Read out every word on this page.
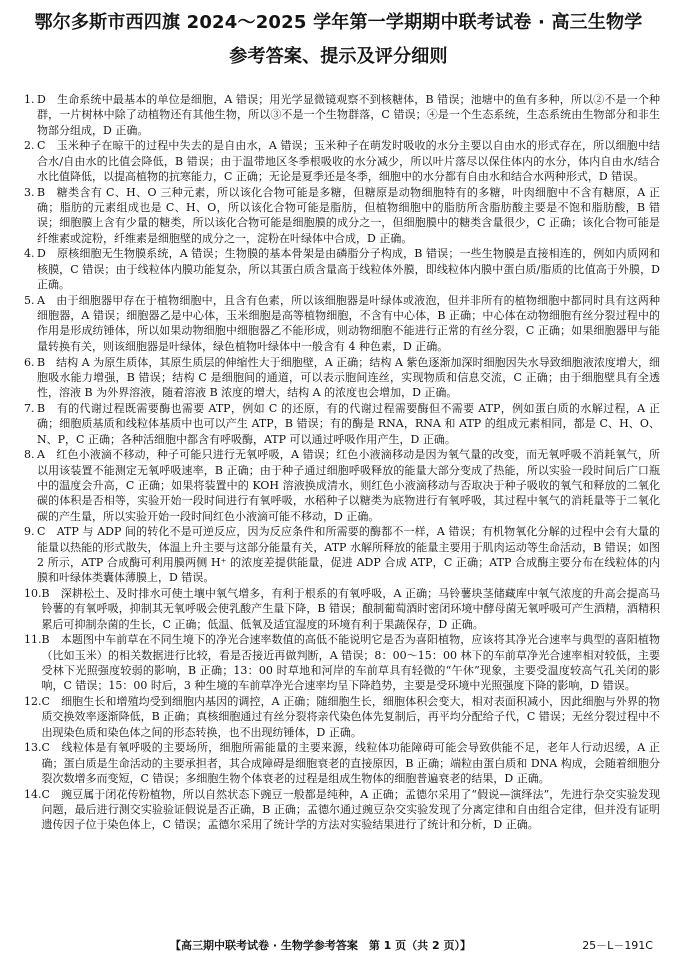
鄂尔多斯市西四旗 2024～2025 学年第一学期期中联考试卷 · 高三生物学
参考答案、提示及评分细则
1. D　生命系统中最基本的单位是细胞，A 错误；用光学显微镜观察不到核糖体，B 错误；池塘中的鱼有多种，所以②不是一个种群，一片树林中除了动植物还有其他生物，所以③不是一个生物群落，C 错误；④是一个生态系统，生态系统由生物部分和非生物部分组成，D 正确。
2. C　玉米种子在晾干的过程中失去的是自由水，A 错误；玉米种子在萌发时吸收的水分主要以自由水的形式存在，所以细胞中结合水/自由水的比值会降低，B 错误；由于温带地区冬季根吸收的水分减少，所以叶片落尽以保住体内的水分，体内自由水/结合水比值降低，以提高植物的抗寒能力，C 正确；无论是夏季还是冬季，细胞中的水分都有自由水和结合水两种形式，D 错误。
3. B　糖类含有 C、H、O 三种元素，所以该化合物可能是多糖，但糖原是动物细胞特有的多糖，叶肉细胞中不含有糖原，A 正确；脂肪的元素组成也是 C、H、O，所以该化合物可能是脂肪，但植物细胞中的脂肪所含脂肪酸主要是不饱和脂肪酸，B 错误；细胞膜上含有少量的糖类，所以该化合物可能是细胞膜的成分之一，但细胞膜中的糖类含量很少，C 正确；该化合物可能是纤维素或淀粉，纤维素是细胞壁的成分之一，淀粉在叶绿体中合成，D 正确。
4. D　原核细胞无生物膜系统，A 错误；生物膜的基本骨架是由磷脂分子构成，B 错误；一些生物膜是直接相连的，例如内质网和核膜，C 错误；由于线粒体内膜功能复杂，所以其蛋白质含量高于线粒体外膜，即线粒体内膜中蛋白质/脂质的比值高于外膜，D 正确。
5. A　由于细胞器甲存在于植物细胞中，且含有色素，所以该细胞器是叶绿体或液泡，但并非所有的植物细胞中都同时具有这两种细胞器，A 错误；细胞器乙是中心体，玉米细胞是高等植物细胞，不含有中心体，B 正确；中心体在动物细胞有丝分裂过程中的作用是形成纺锤体，所以如果动物细胞中细胞器乙不能形成，则动物细胞不能进行正常的有丝分裂，C 正确；如果细胞器甲与能量转换有关，则该细胞器是叶绿体，绿色植物叶绿体中一般含有 4 种色素，D 正确。
6. B　结构 A 为原生质体，其原生质层的伸缩性大于细胞壁，A 正确；结构 A 紫色逐渐加深时细胞因失水导致细胞液浓度增大，细胞吸水能力增强，B 错误；结构 C 是细胞间的通道，可以表示胞间连丝，实现物质和信息交流，C 正确；由于细胞壁具有全透性，溶液 B 为外界溶液，随着溶液 B 浓度的增大，结构 A 的浓度也会增加，D 正确。
7. B　有的代谢过程既需要酶也需要 ATP，例如 C 的还原，有的代谢过程需要酶但不需要 ATP，例如蛋白质的水解过程，A 正确；细胞质基质和线粒体基质中也可以产生 ATP，B 错误；有的酶是 RNA，RNA 和 ATP 的组成元素相同，都是 C、H、O、N、P，C 正确；各种活细胞中都含有呼吸酶，ATP 可以通过呼吸作用产生，D 正确。
8. A　红色小液滴不移动，种子可能只进行无氧呼吸，A 错误；红色小液滴移动是因为氧气量的改变，而无氧呼吸不消耗氧气，所以用该装置不能测定无氧呼吸速率，B 正确；由于种子通过细胞呼吸释放的能量大部分变成了热能，所以实验一段时间后广口瓶中的温度会升高，C 正确；如果将装置中的 KOH 溶液换成清水，则红色小液滴移动与否取决于种子吸收的氧气和释放的二氧化碳的体积是否相等，实验开始一段时间进行有氧呼吸，水稻种子以糖类为底物进行有氧呼吸，其过程中氧气的消耗量等于二氧化碳的产生量，所以实验开始一段时间红色小液滴可能不移动，D 正确。
9. C　ATP 与 ADP 间的转化不是可逆反应，因为反应条件和所需要的酶都不一样，A 错误；有机物氧化分解的过程中会有大量的能量以热能的形式散失，体温上升主要与这部分能量有关，ATP 水解所释放的能量主要用于肌肉运动等生命活动，B 错误；如图 2 所示，ATP 合成酶可利用膜两侧 H⁺ 的浓度差提供能量，促进 ADP 合成 ATP，C 正确；ATP 合成酶主要分布在线粒体的内膜和叶绿体类囊体薄膜上，D 错误。
10. B　深耕松土、及时排水可使土壤中氧气增多，有利于根系的有氧呼吸，A 正确；马铃薯块茎储藏库中氧气浓度的升高会提高马铃薯的有氧呼吸，抑制其无氧呼吸会使乳酸产生量下降，B 错误；酿制葡萄酒时密闭环境中酵母菌无氧呼吸可产生酒精，酒精积累后可抑制杂菌的生长，C 正确；低温、低氧及适宜湿度的环境有利于果蔬保存，D 正确。
11. B　本题图中车前草在不同生境下的净光合速率数值的高低不能说明它是否为喜阳植物，应该将其净光合速率与典型的喜阳植物（比如玉米）的相关数据进行比较，看是否接近再做判断，A 错误；8：00～15：00 林下的车前草净光合速率相对较低，主要受林下光照强度较弱的影响，B 正确；13：00 时草地和河岸的车前草具有轻微的“午休”现象，主要受温度较高气孔关闭的影响，C 错误；15：00 时后，3 种生境的车前草净光合速率均呈下降趋势，主要是受环境中光照强度下降的影响，D 错误。
12. C　细胞生长和增殖均受到细胞内基因的调控，A 正确；随细胞生长，细胞体积会变大，相对表面积减小，因此细胞与外界的物质交换效率逐渐降低，B 正确；真核细胞通过有丝分裂将亲代染色体先复制后，再平均分配给子代，C 错误；无丝分裂过程中不出现染色质和染色体之间的形态转换，也不出现纺锤体，D 正确。
13. C　线粒体是有氧呼吸的主要场所，细胞所需能量的主要来源，线粒体功能障碍可能会导致供能不足，老年人行动迟缓，A 正确；蛋白质是生命活动的主要承担者，其合成障碍是细胞衰老的直接原因，B 正确；端粒由蛋白质和 DNA 构成，会随着细胞分裂次数增多而变短，C 错误；多细胞生物个体衰老的过程是组成生物体的细胞普遍衰老的结果，D 正确。
14. C　豌豆属于闭花传粉植物，所以自然状态下豌豆一般都是纯种，A 正确；孟德尔采用了“假说—演绎法”，先进行杂交实验发现问题，最后进行测交实验验证假说是否正确，B 正确；孟德尔通过豌豆杂交实验发现了分离定律和自由组合定律，但并没有证明遗传因子位于染色体上，C 错误；孟德尔采用了统计学的方法对实验结果进行了统计和分析，D 正确。
【高三期中联考试卷 · 生物学参考答案　第 1 页（共 2 页）】	25－L－191C
